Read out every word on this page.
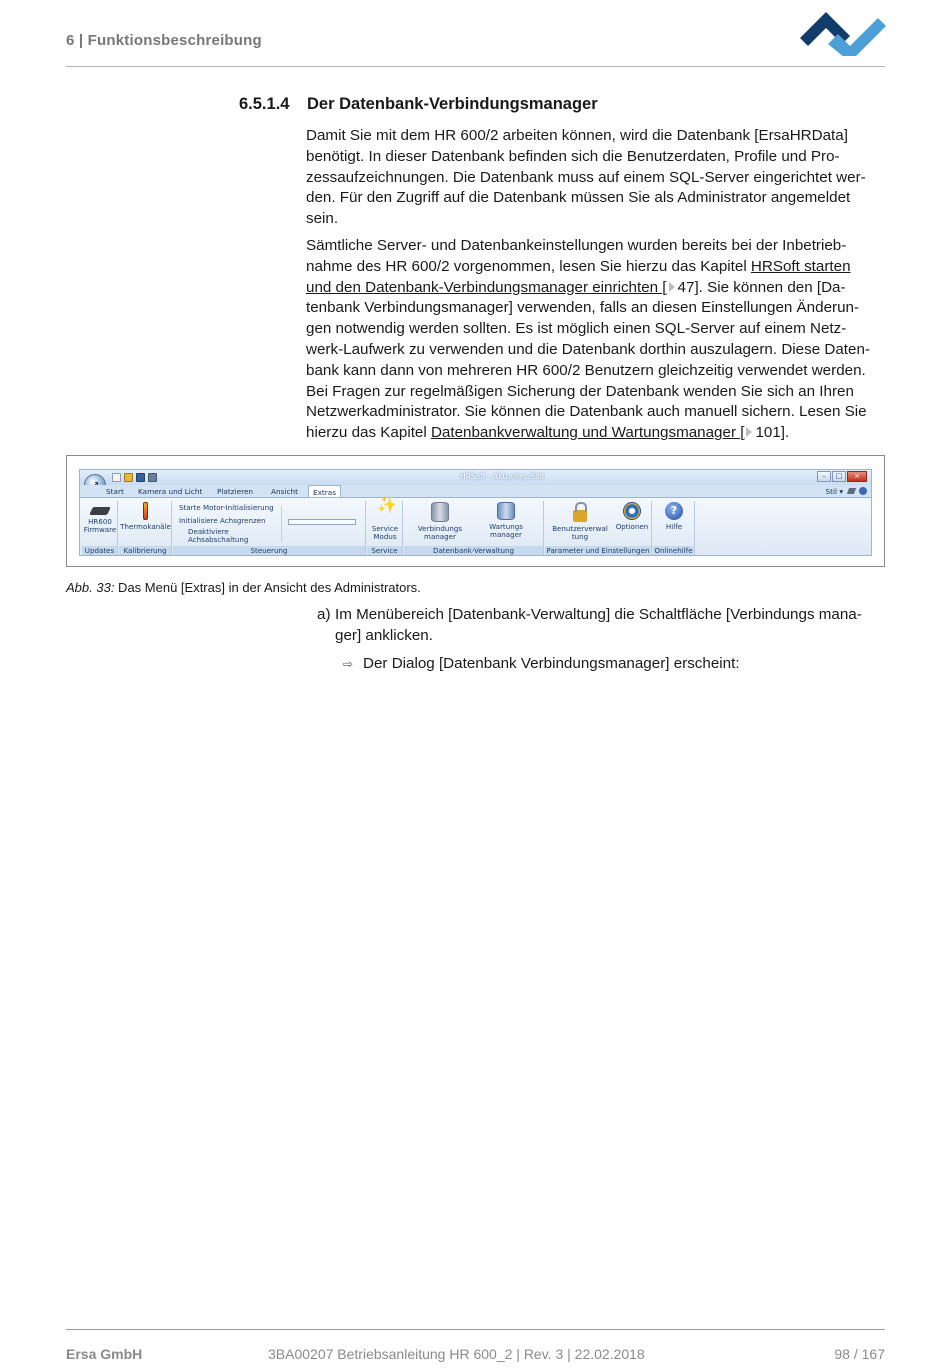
6 | Funktionsbeschreibung
6.5.1.4 Der Datenbank-Verbindungsmanager
Damit Sie mit dem HR 600/2 arbeiten können, wird die Datenbank [ErsaHRData]
benötigt. In dieser Datenbank befinden sich die Benutzerdaten, Profile und Pro-
zessaufzeichnungen. Die Datenbank muss auf einem SQL-Server eingerichtet wer-
den. Für den Zugriff auf die Datenbank müssen Sie als Administrator angemeldet
sein.
Sämtliche Server- und Datenbankeinstellungen wurden bereits bei der Inbetrieb-
nahme des HR 600/2 vorgenommen, lesen Sie hierzu das Kapitel HRSoft starten
und den Datenbank-Verbindungsmanager einrichten [ 47]. Sie können den [Da-
tenbank Verbindungsmanager] verwenden, falls an diesen Einstellungen Änderun-
gen notwendig werden sollten. Es ist möglich einen SQL-Server auf einem Netz-
werk-Laufwerk zu verwenden und die Datenbank dorthin auszulagern. Diese Daten-
bank kann dann von mehreren HR 600/2 Benutzern gleichzeitig verwendet werden.
Bei Fragen zur regelmäßigen Sicherung der Datenbank wenden Sie sich an Ihren
Netzwerkadministrator. Sie können die Datenbank auch manuell sichern. Lesen Sie
hierzu das Kapitel Datenbankverwaltung und Wartungsmanager [ 101].
HRSoft - Aktuelles Bild	–	□	×
Start Kamera und Licht Platzieren Ansicht	Extras	Stil ▾
HR600
Firmware
Updates
Thermokanäle
Kalibrierung
Starte Motor-Initialisierung
Initialisiere Achsgrenzen
Deaktiviere
Achsabschaltung
Steuerung
✨
Service
Modus
Service
Verbindungs
manager
Wartungs
manager
Datenbank-Verwaltung
Benutzerverwal
tung
Optionen
Parameter und Einstellungen
?
Hilfe
Onlinehilfe
Abb. 33: Das Menü [Extras] in der Ansicht des Administrators.
a) Im Menübereich [Datenbank-Verwaltung] die Schaltfläche [Verbindungs mana-
ger] anklicken.
⇨ Der Dialog [Datenbank Verbindungsmanager] erscheint:
Ersa GmbH	3BA00207 Betriebsanleitung HR 600_2 | Rev. 3 | 22.02.2018	98 / 167
